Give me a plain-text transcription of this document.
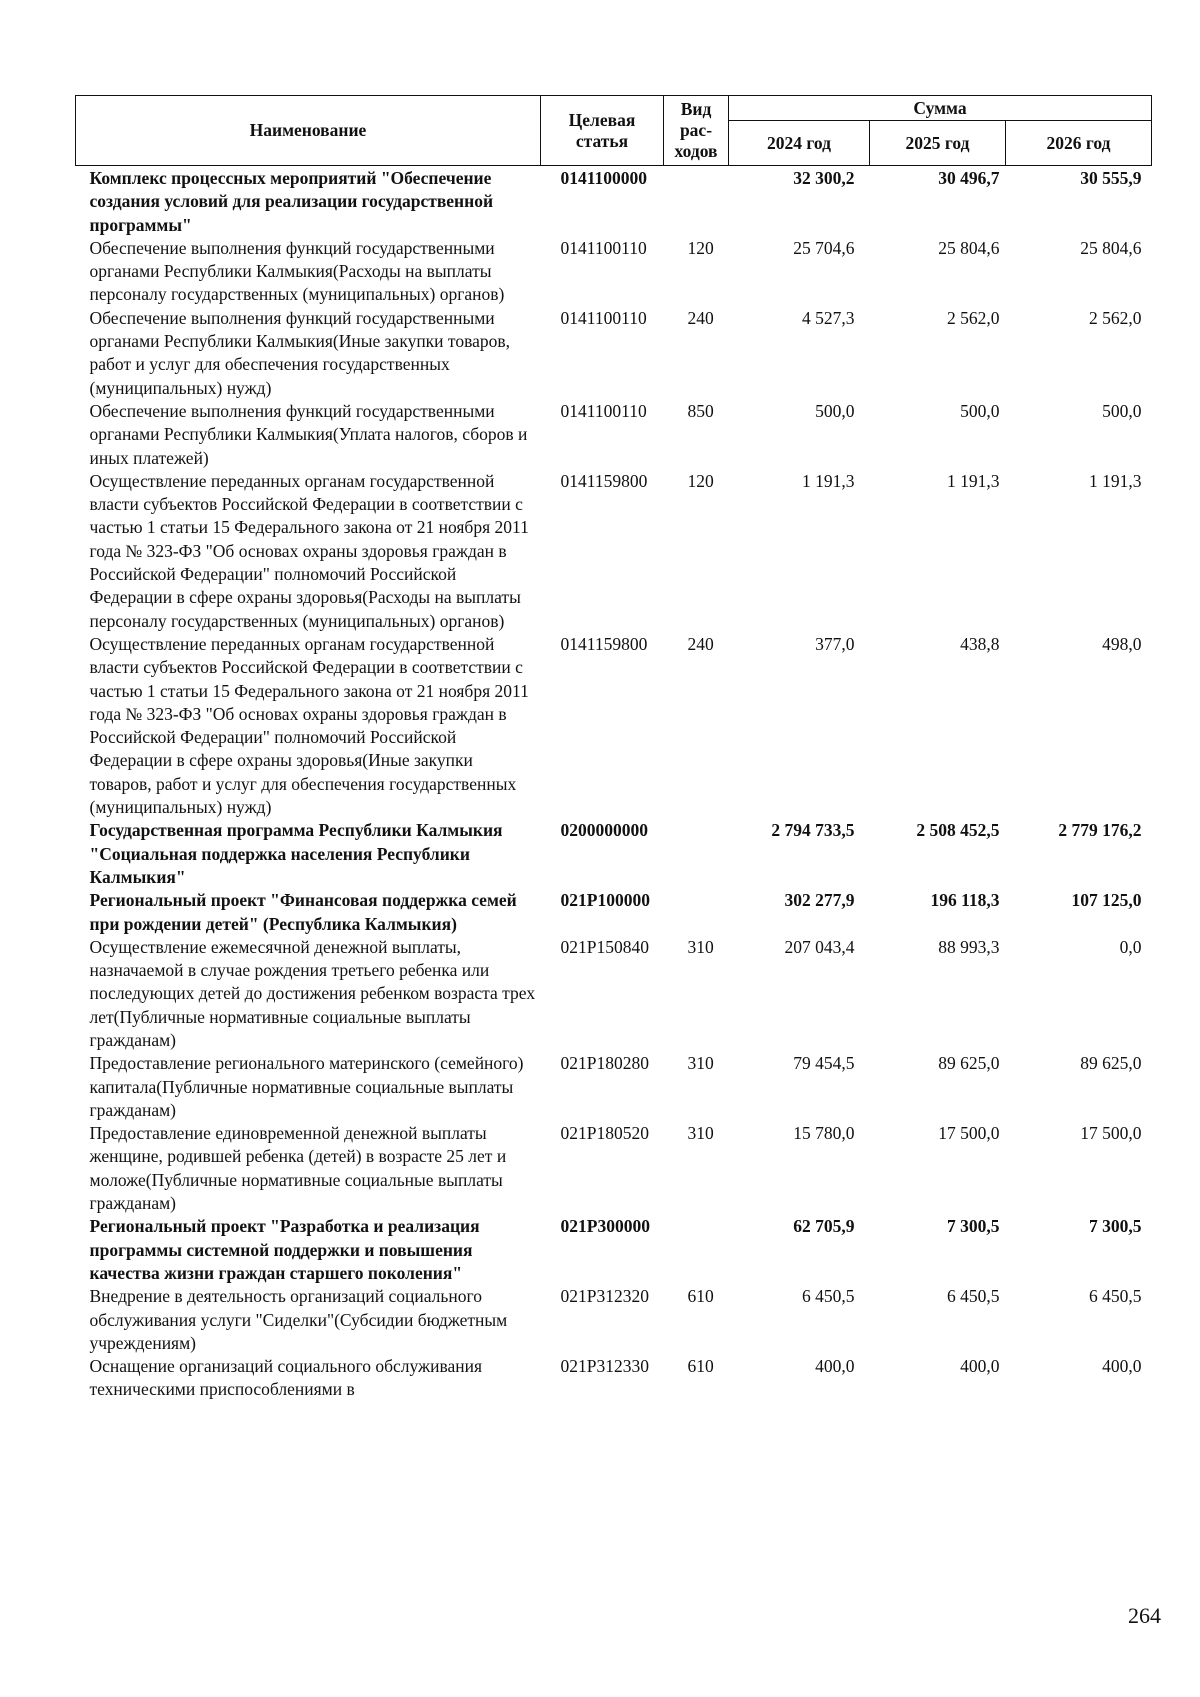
Наименование	Целевая статья	Вид рас-ходов	Сумма		
			2024 год	2025 год	2026 год
Комплекс процессных мероприятий "Обеспечение создания условий для реализации государственной программы"	0141100000		32 300,2	30 496,7	30 555,9
Обеспечение выполнения функций государственными органами Республики Калмыкия(Расходы на выплаты персоналу государственных (муниципальных) органов)	0141100110	120	25 704,6	25 804,6	25 804,6
Обеспечение выполнения функций государственными органами Республики Калмыкия(Иные закупки товаров, работ и услуг для обеспечения государственных (муниципальных) нужд)	0141100110	240	4 527,3	2 562,0	2 562,0
Обеспечение выполнения функций государственными органами Республики Калмыкия(Уплата налогов, сборов и иных платежей)	0141100110	850	500,0	500,0	500,0
Осуществление переданных органам государственной власти субъектов Российской Федерации в соответствии с частью 1 статьи 15 Федерального закона от 21 ноября 2011 года № 323-ФЗ "Об основах охраны здоровья граждан в Российской Федерации" полномочий Российской Федерации в сфере охраны здоровья(Расходы на выплаты персоналу государственных (муниципальных) органов)	0141159800	120	1 191,3	1 191,3	1 191,3
Осуществление переданных органам государственной власти субъектов Российской Федерации в соответствии с частью 1 статьи 15 Федерального закона от 21 ноября 2011 года № 323-ФЗ "Об основах охраны здоровья граждан в Российской Федерации" полномочий Российской Федерации в сфере охраны здоровья(Иные закупки товаров, работ и услуг для обеспечения государственных (муниципальных) нужд)	0141159800	240	377,0	438,8	498,0
Государственная программа Республики Калмыкия "Социальная поддержка населения Республики Калмыкия"	0200000000		2 794 733,5	2 508 452,5	2 779 176,2
Региональный проект "Финансовая поддержка семей при рождении детей" (Республика Калмыкия)	021P100000		302 277,9	196 118,3	107 125,0
Осуществление ежемесячной денежной выплаты, назначаемой в случае рождения третьего ребенка или последующих детей до достижения ребенком возраста трех лет(Публичные нормативные социальные выплаты гражданам)	021P150840	310	207 043,4	88 993,3	0,0
Предоставление регионального материнского (семейного) капитала(Публичные нормативные социальные выплаты гражданам)	021P180280	310	79 454,5	89 625,0	89 625,0
Предоставление единовременной денежной выплаты женщине, родившей ребенка (детей) в возрасте 25 лет и моложе(Публичные нормативные социальные выплаты гражданам)	021P180520	310	15 780,0	17 500,0	17 500,0
Региональный проект "Разработка и реализация программы системной поддержки и повышения качества жизни граждан старшего поколения"	021P300000		62 705,9	7 300,5	7 300,5
Внедрение в деятельность организаций социального обслуживания услуги "Сиделки"(Субсидии бюджетным учреждениям)	021P312320	610	6 450,5	6 450,5	6 450,5
Оснащение организаций социального обслуживания техническими приспособлениями в	021P312330	610	400,0	400,0	400,0
264
